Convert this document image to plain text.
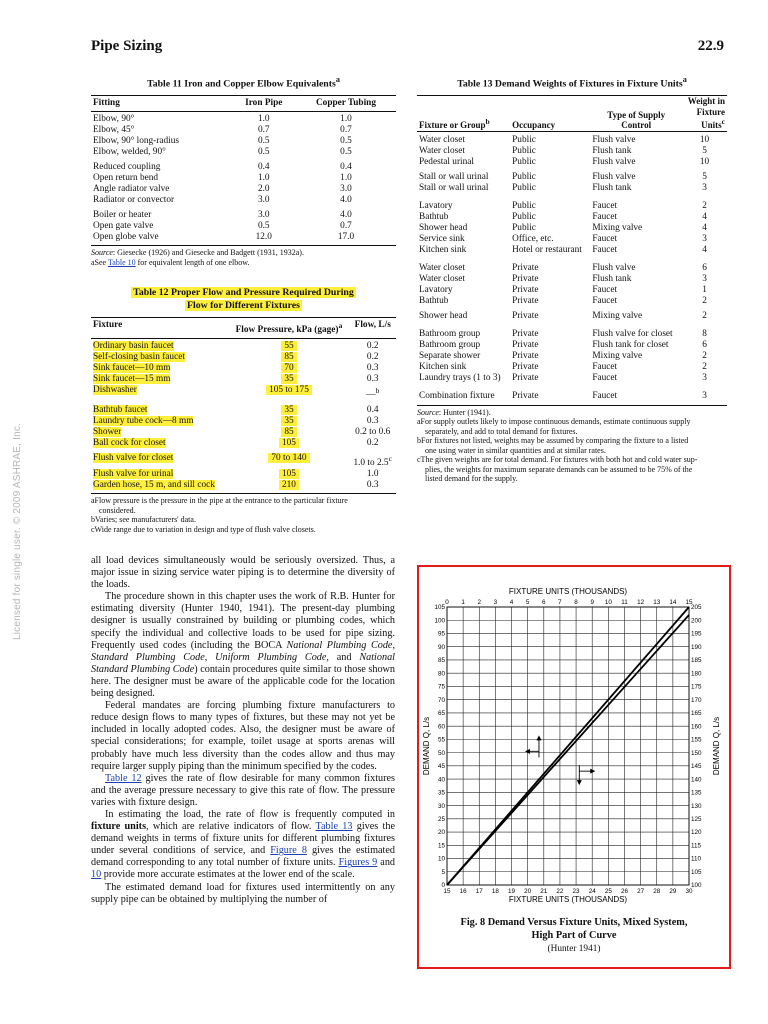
Pipe Sizing	22.9
Licensed for single user. © 2009 ASHRAE, Inc.
Table 11 Iron and Copper Elbow Equivalents$^a$
Fitting	Iron Pipe	Copper Tubing
Elbow, 90°	1.0	1.0
Elbow, 45°	0.7	0.7
Elbow, 90° long-radius	0.5	0.5
Elbow, welded, 90°	0.5	0.5
Reduced coupling	0.4	0.4
Open return bend	1.0	1.0
Angle radiator valve	2.0	3.0
Radiator or convector	3.0	4.0
Boiler or heater	3.0	4.0
Open gate valve	0.5	0.7
Open globe valve	12.0	17.0

Source: Giesecke (1926) and Giesecke and Badgett (1931, 1932a).

aSee Table 10 for equivalent length of one elbow.

Table 12 Proper Flow and Pressure Required During
Flow for Different Fixtures
Fixture	Flow Pressure, kPa (gage)$^a$	Flow, L/s
Ordinary basin faucet	55	0.2
Self-closing basin faucet	85	0.2
Sink faucet—10 mm	70	0.3
Sink faucet—15 mm	35	0.3
Dishwasher	105 to 175	—$^b$
Bathtub faucet	35	0.4
Laundry tube cock—8 mm	35	0.3
Shower	85	0.2 to 0.6
Ball cock for closet	105	0.2
Flush valve for closet	70 to 140	1.0 to 2.5$^c$
Flush valve for urinal	105	1.0
Garden hose, 15 m, and sill cock	210	0.3

aFlow pressure is the pressure in the pipe at the entrance to the particular fixture

considered.

bVaries; see manufacturers' data.

cWide range due to variation in design and type of flush valve closets.

Table 13 Demand Weights of Fixtures in Fixture Units$^a$
Fixture or Group$^b$	Occupancy	Type of Supply
Control	Weight in
Fixture
Units$^c$
Water closet	Public	Flush valve	10
Water closet	Public	Flush tank	5
Pedestal urinal	Public	Flush valve	10
Stall or wall urinal	Public	Flush valve	5
Stall or wall urinal	Public	Flush tank	3
Lavatory	Public	Faucet	2
Bathtub	Public	Faucet	4
Shower head	Public	Mixing valve	4
Service sink	Office, etc.	Faucet	3
Kitchen sink	Hotel or restaurant	Faucet	4
Water closet	Private	Flush valve	6
Water closet	Private	Flush tank	3
Lavatory	Private	Faucet	1
Bathtub	Private	Faucet	2
Shower head	Private	Mixing valve	2
Bathroom group	Private	Flush valve for closet	8
Bathroom group	Private	Flush tank for closet	6
Separate shower	Private	Mixing valve	2
Kitchen sink	Private	Faucet	2
Laundry trays (1 to 3)	Private	Faucet	3
Combination fixture	Private	Faucet	3

Source: Hunter (1941).

aFor supply outlets likely to impose continuous demands, estimate continuous supply

separately, and add to total demand for fixtures.

bFor fixtures not listed, weights may be assumed by comparing the fixture to a listed

one using water in similar quantities and at similar rates.

cThe given weights are for total demand. For fixtures with both hot and cold water sup-

plies, the weights for maximum separate demands can be assumed to be 75% of the

listed demand for the supply.

all load devices simultaneously would be seriously oversized. Thus, a major issue in sizing service water piping is to determine the diversity of the loads.

The procedure shown in this chapter uses the work of R.B. Hunter for estimating diversity (Hunter 1940, 1941). The present-day plumbing designer is usually constrained by building or plumbing codes, which specify the individual and collective loads to be used for pipe sizing. Frequently used codes (including the BOCA National Plumbing Code, Standard Plumbing Code, Uniform Plumbing Code, and National Standard Plumbing Code) contain procedures quite similar to those shown here. The designer must be aware of the applicable code for the location being designed.

Federal mandates are forcing plumbing fixture manufacturers to reduce design flows to many types of fixtures, but these may not yet be included in locally adopted codes. Also, the designer must be aware of special considerations; for example, toilet usage at sports arenas will probably have much less diversity than the codes allow and thus may require larger supply piping than the minimum specified by the codes.

Table 12 gives the rate of flow desirable for many common fixtures and the average pressure necessary to give this rate of flow. The pressure varies with fixture design.

In estimating the load, the rate of flow is frequently computed in fixture units, which are relative indicators of flow. Table 13 gives the demand weights in terms of fixture units for different plumbing fixtures under several conditions of service, and Figure 8 gives the estimated demand corresponding to any total number of fixture units. Figures 9 and 10 provide more accurate estimates at the lower end of the scale.

The estimated demand load for fixtures used intermittently on any supply pipe can be obtained by multiplying the number of

0 1 2 3 4 5 6 7 8 9 10 11 12 13 14 15
15 16 17 18 19 20 21 22 23 24 25 26 27 28 29 30
0
5
10
15
20
25
30
35
40
45
50
55
60
65
70
75
80
85
90
95
100
105
100
105
110
115
120
125
130
135
140
145
150
155
160
165
170
175
180
185
190
195
200
205
FIXTURE UNITS (THOUSANDS)
FIXTURE UNITS (THOUSANDS)
DEMAND Q, L/s	DEMAND Q, L/s
Fig. 8 Demand Versus Fixture Units, Mixed System,
High Part of Curve
(Hunter 1941)
